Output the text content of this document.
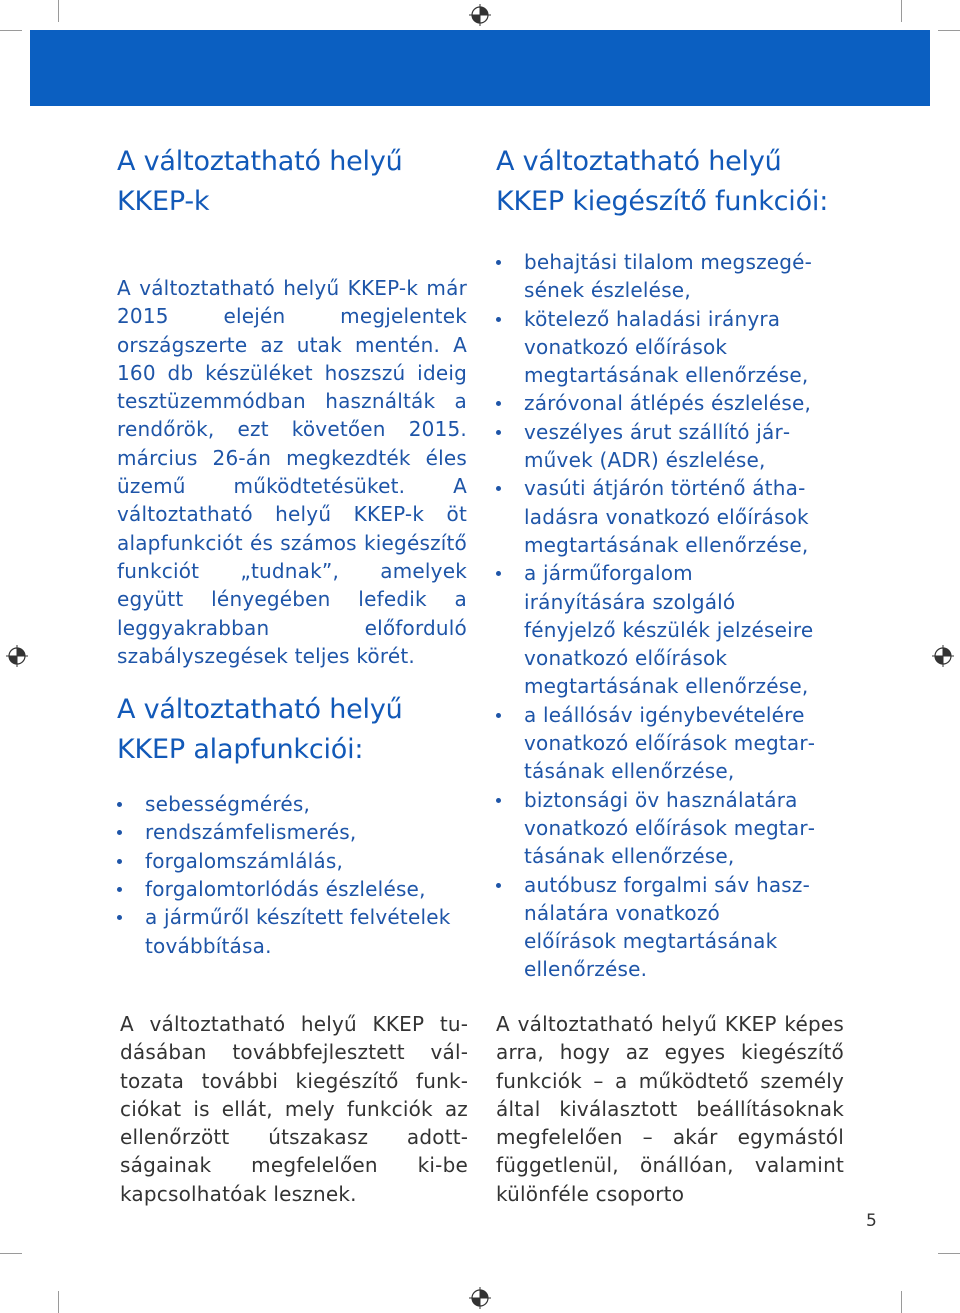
A változtatható helyű KKEP-k

A változtatható helyű KKEP-k már 2015 elején megjelentek országszerte az utak mentén. A 160 db készüléket hoszszú ideig tesztüzemmódban használták a rendőrök, ezt követően 2015. március 26-án megkezdték éles üzemű működtetésüket. A változtatható helyű KKEP-k öt alapfunkciót és számos kiegészítő funkciót „tudnak”, amelyek együtt lényegében lefedik a leggyakrabban előforduló szabályszegések teljes körét.

A változtatható helyű KKEP alapfunkciói:
sebességmérés,
rendszámfelismerés,
forgalomszámlálás,
forgalomtorlódás észlelése,
a járműről készített felvételek továbbítása.
A változtatható helyű KKEP kiegészítő funkciói:
behajtási tilalom megszegésének észlelése,
kötelező haladási irányra vonatkozó előírások megtartásának ellenőrzése,
záróvonal átlépés észlelése,
veszélyes árut szállító járművek (ADR) észlelése,
vasúti átjárón történő áthaladásra vonatkozó előírások megtartásának ellenőrzése,
a járműforgalom irányítására szolgáló fényjelző készülék jelzéseire vonatkozó előírások megtartásának ellenőrzése,
a leállósáv igénybevételére vonatkozó előírások megtartásának ellenőrzése,
biztonsági öv használatára vonatkozó előírások megtartásának ellenőrzése,
autóbusz forgalmi sáv használatára vonatkozó előírások megtartásának ellenőrzése.

A változtatható helyű KKEP tudásában továbbfejlesztett változata további kiegészítő funkciókat is ellát, mely funkciók az ellenőrzött útszakasz adottságainak megfelelően ki-be kapcsolhatóak lesznek.

A változtatható helyű KKEP képes arra, hogy az egyes kiegészítő funkciók – a működtető személy által kiválasztott beállításoknak megfelelően – akár egymástól függetlenül, önállóan, valamint különféle csoporto

5
